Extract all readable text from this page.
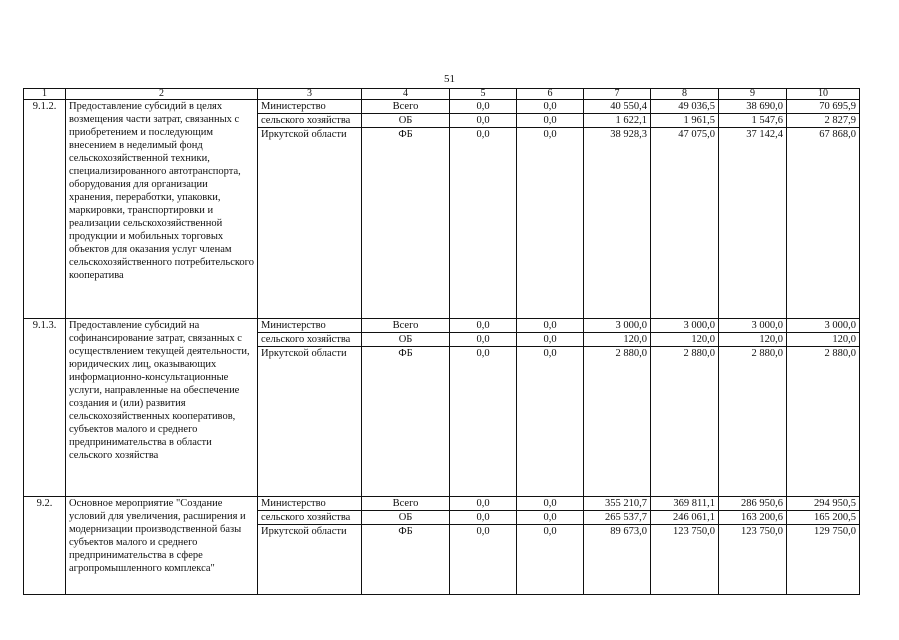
51
1	2	3	4	5	6	7	8	9	10
9.1.2.	Предоставление субсидий в целях возмещения части затрат, связанных с приобретением и последующим внесением в неделимый фонд сельскохозяйственной техники, специализированного автотранспорта, оборудования для организации хранения, переработки, упаковки, маркировки, транспортировки и реализации сельскохозяйственной продукции и мобильных торговых объектов для оказания услуг членам сельскохозяйственного потребительского кооператива	Министерство	Всего	0,0	0,0	40 550,4	49 036,5	38 690,0	70 695,9
		сельского хозяйства	ОБ	0,0	0,0	1 622,1	1 961,5	1 547,6	2 827,9
		Иркутской области	ФБ	0,0	0,0	38 928,3	47 075,0	37 142,4	67 868,0
9.1.3.	Предоставление субсидий на софинансирование затрат, связанных с осуществлением текущей деятельности, юридических лиц, оказывающих информационно-консультационные услуги, направленные на обеспечение создания и (или) развития сельскохозяйственных кооперативов, субъектов малого и среднего предпринимательства в области сельского хозяйства	Министерство	Всего	0,0	0,0	3 000,0	3 000,0	3 000,0	3 000,0
		сельского хозяйства	ОБ	0,0	0,0	120,0	120,0	120,0	120,0
		Иркутской области	ФБ	0,0	0,0	2 880,0	2 880,0	2 880,0	2 880,0
9.2.	Основное мероприятие "Создание условий для увеличения, расширения и модернизации производственной базы субъектов малого и среднего предпринимательства в сфере агропромышленного комплекса"	Министерство	Всего	0,0	0,0	355 210,7	369 811,1	286 950,6	294 950,5
		сельского хозяйства	ОБ	0,0	0,0	265 537,7	246 061,1	163 200,6	165 200,5
		Иркутской области	ФБ	0,0	0,0	89 673,0	123 750,0	123 750,0	129 750,0
